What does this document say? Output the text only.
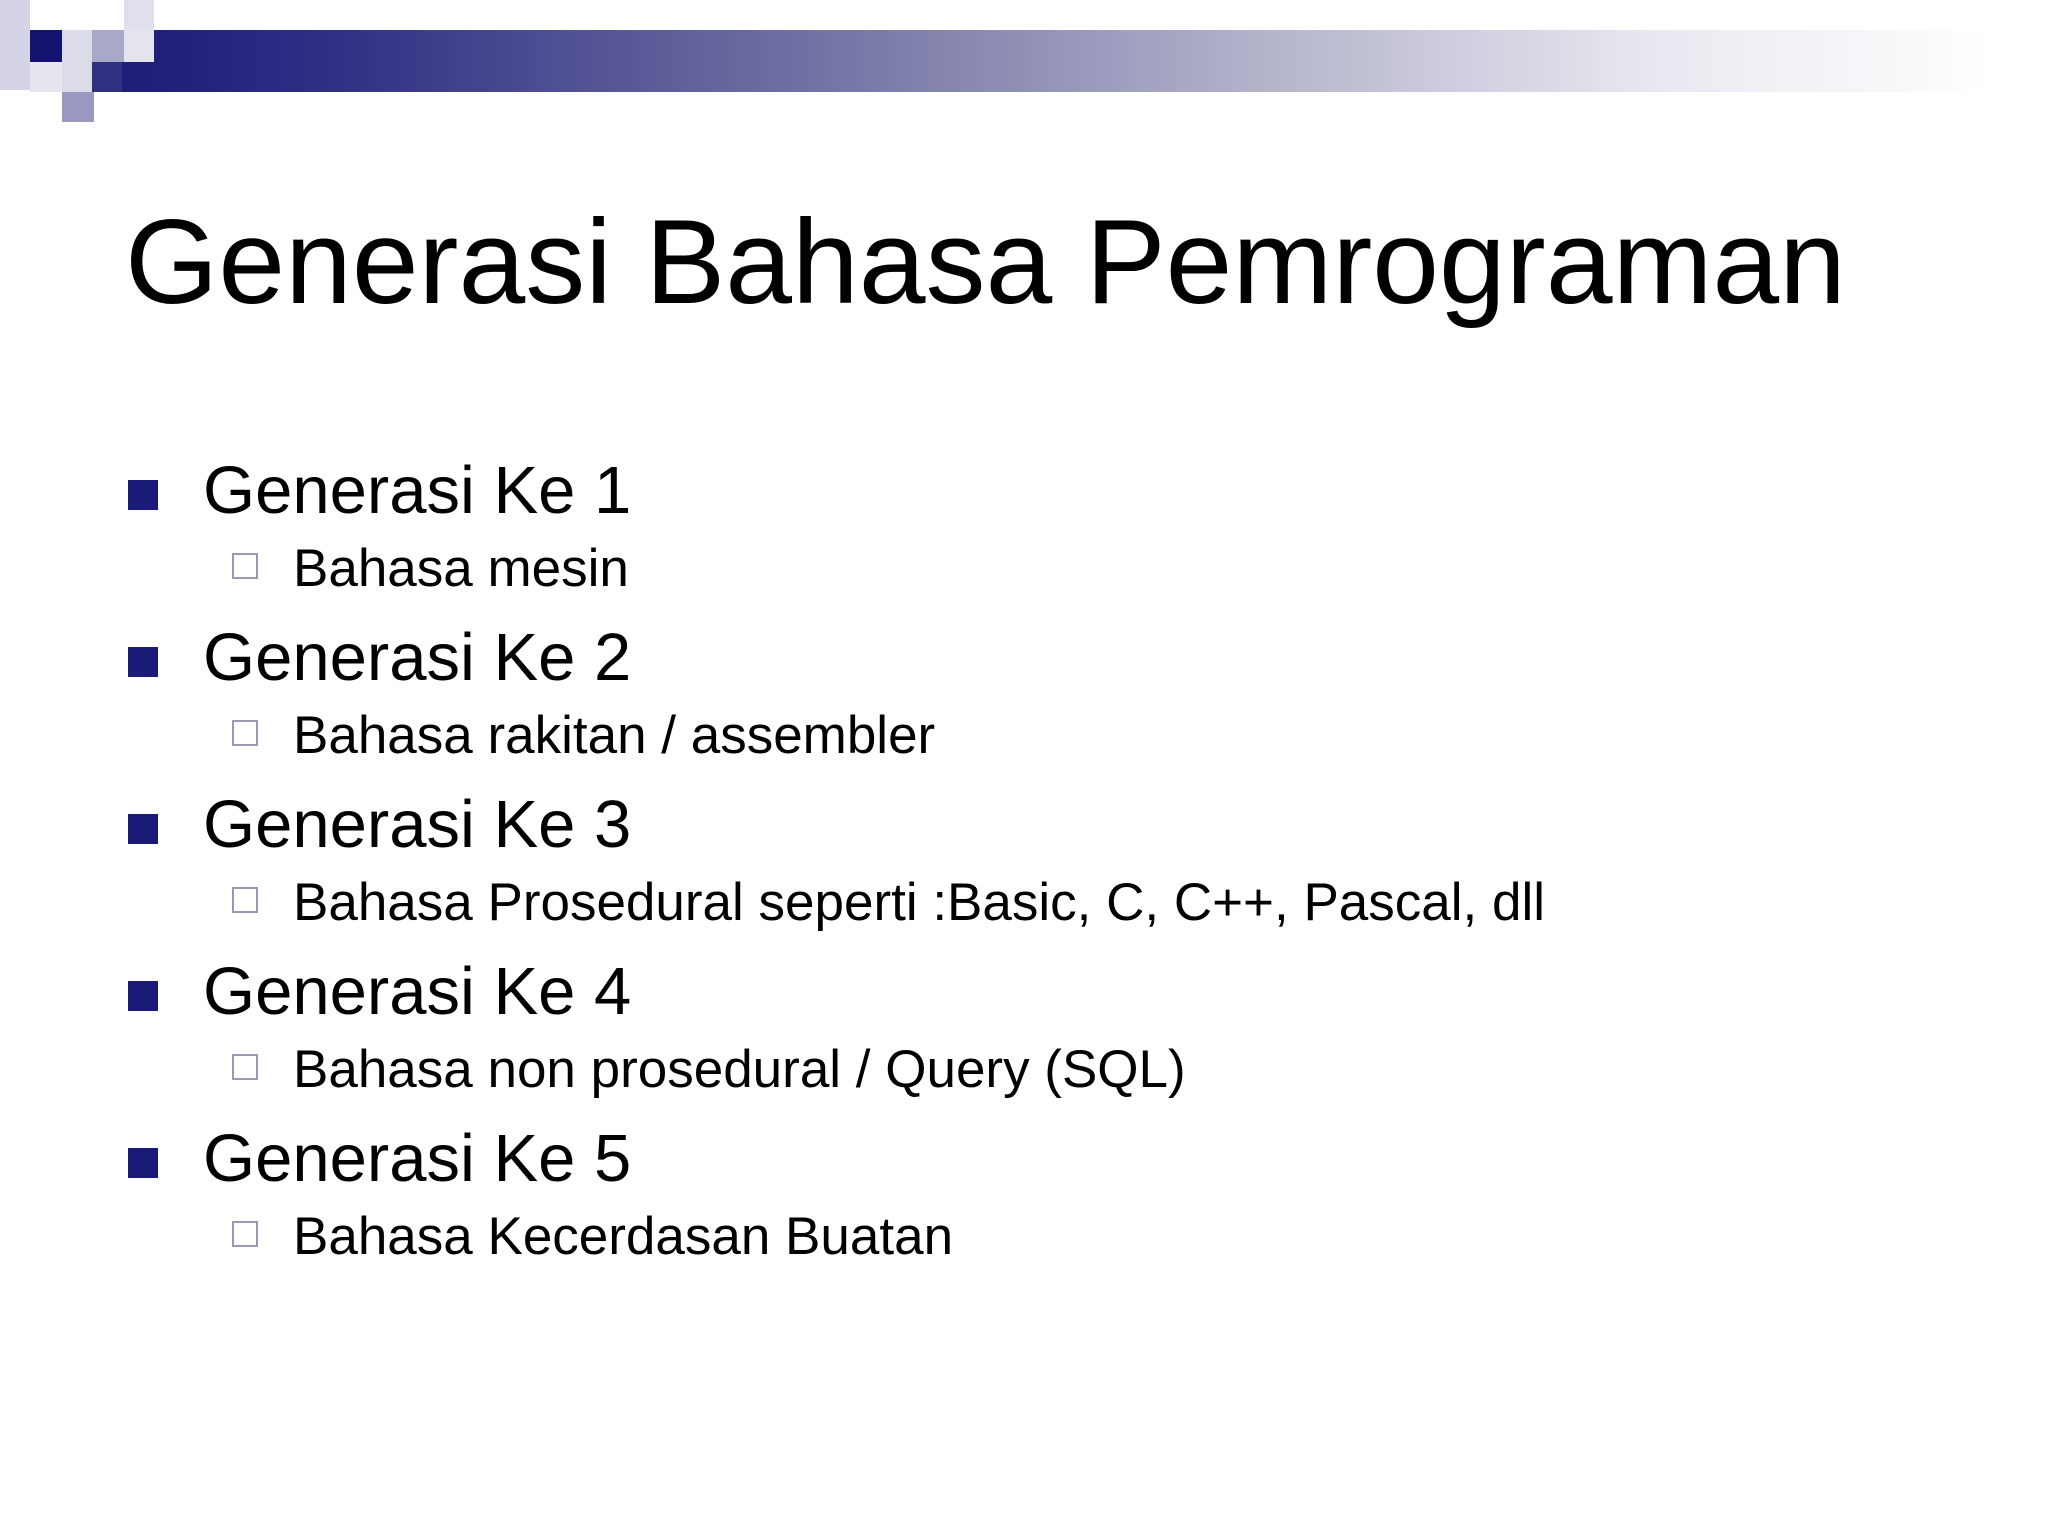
Generasi Bahasa Pemrograman
Generasi Ke 1
Bahasa mesin
Generasi Ke 2
Bahasa rakitan / assembler
Generasi Ke 3
Bahasa Prosedural seperti :Basic, C, C++, Pascal, dll
Generasi Ke 4
Bahasa non prosedural / Query (SQL)
Generasi Ke 5
Bahasa Kecerdasan Buatan
